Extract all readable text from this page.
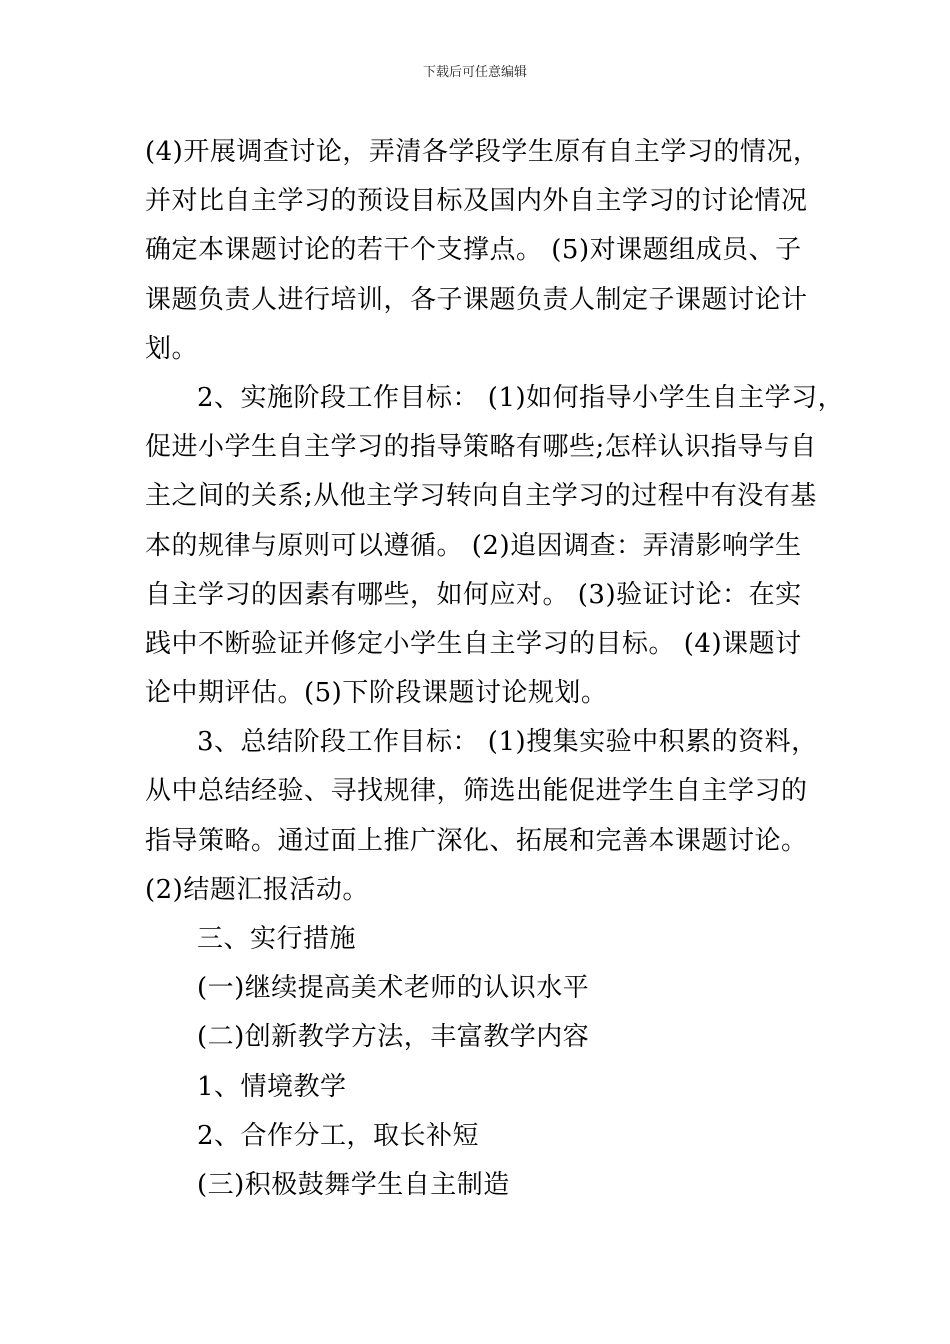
下载后可任意编辑
(4)开展调查讨论，弄清各学段学生原有自主学习的情况，
并对比自主学习的预设目标及国内外自主学习的讨论情况
确定本课题讨论的若干个支撑点。 (5)对课题组成员、子
课题负责人进行培训，各子课题负责人制定子课题讨论计
划。
2、实施阶段工作目标： (1)如何指导小学生自主学习，
促进小学生自主学习的指导策略有哪些;怎样认识指导与自
主之间的关系;从他主学习转向自主学习的过程中有没有基
本的规律与原则可以遵循。 (2)追因调查：弄清影响学生
自主学习的因素有哪些，如何应对。 (3)验证讨论：在实
践中不断验证并修定小学生自主学习的目标。 (4)课题讨
论中期评估。(5)下阶段课题讨论规划。
3、总结阶段工作目标： (1)搜集实验中积累的资料，
从中总结经验、寻找规律，筛选出能促进学生自主学习的
指导策略。通过面上推广深化、拓展和完善本课题讨论。
(2)结题汇报活动。
三、实行措施
(一)继续提高美术老师的认识水平
(二)创新教学方法，丰富教学内容
1、情境教学
2、合作分工，取长补短
(三)积极鼓舞学生自主制造
